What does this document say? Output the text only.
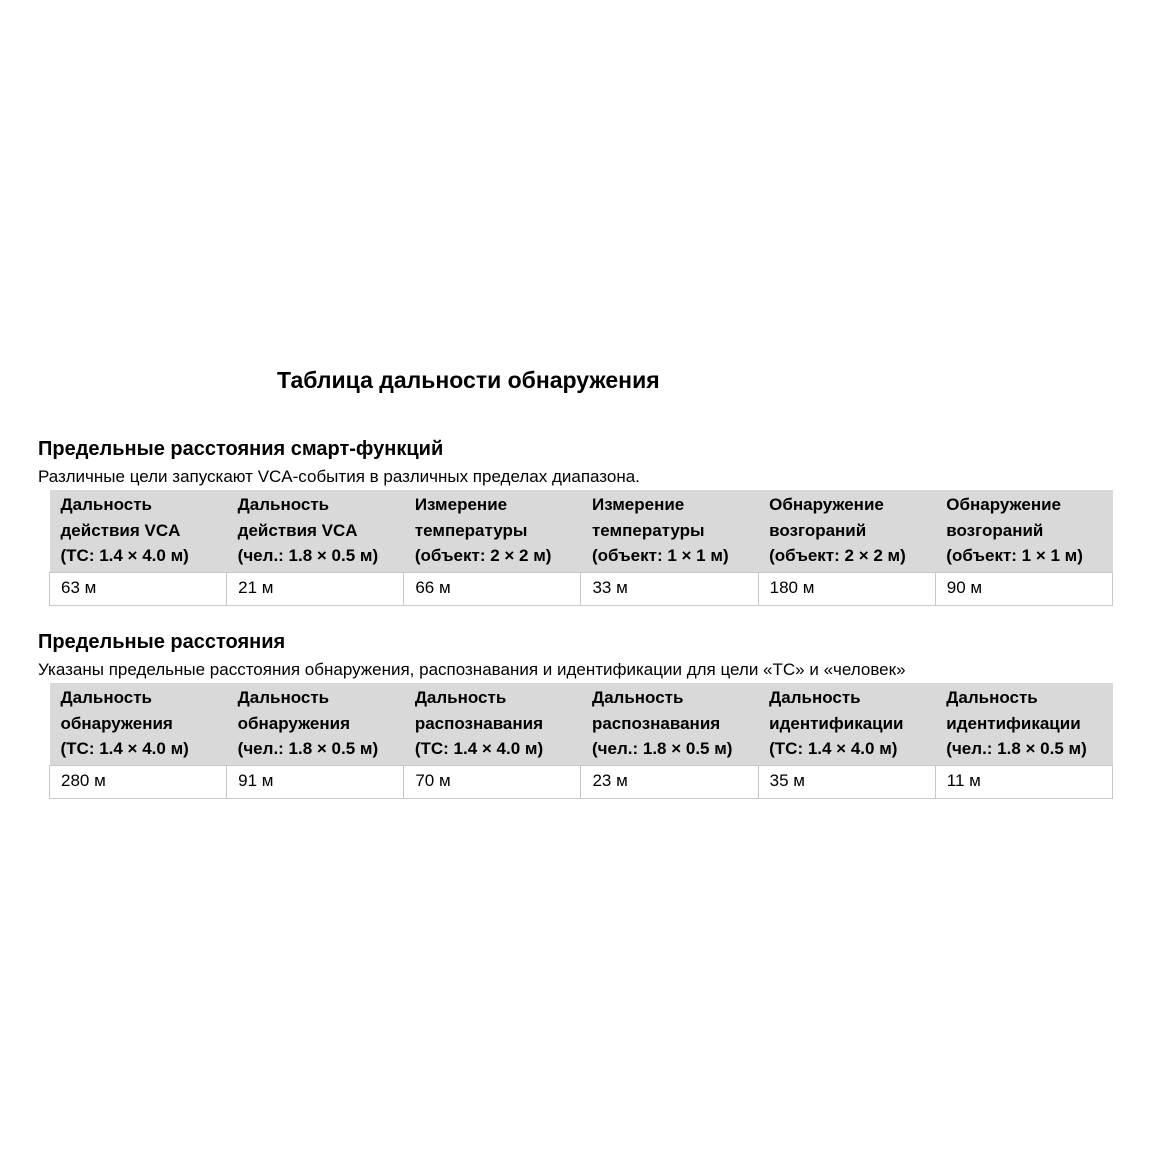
Таблица дальности обнаружения
Предельные расстояния смарт-функций

Различные цели запускают VCA-события в различных пределах диапазона.

Дальность
действия VCA
(ТС: 1.4 × 4.0 м)	Дальность
действия VCA
(чел.: 1.8 × 0.5 м)	Измерение
температуры
(объект: 2 × 2 м)	Измерение
температуры
(объект: 1 × 1 м)	Обнаружение
возгораний
(объект: 2 × 2 м)	Обнаружение
возгораний
(объект: 1 × 1 м)

63 м	21 м	66 м	33 м	180 м	90 м
Предельные расстояния

Указаны предельные расстояния обнаружения, распознавания и идентификации для цели «ТС» и «человек»

Дальность
обнаружения
(ТС: 1.4 × 4.0 м)	Дальность
обнаружения
(чел.: 1.8 × 0.5 м)	Дальность
распознавания
(ТС: 1.4 × 4.0 м)	Дальность
распознавания
(чел.: 1.8 × 0.5 м)	Дальность
идентификации
(ТС: 1.4 × 4.0 м)	Дальность
идентификации
(чел.: 1.8 × 0.5 м)

280 м	91 м	70 м	23 м	35 м	11 м
